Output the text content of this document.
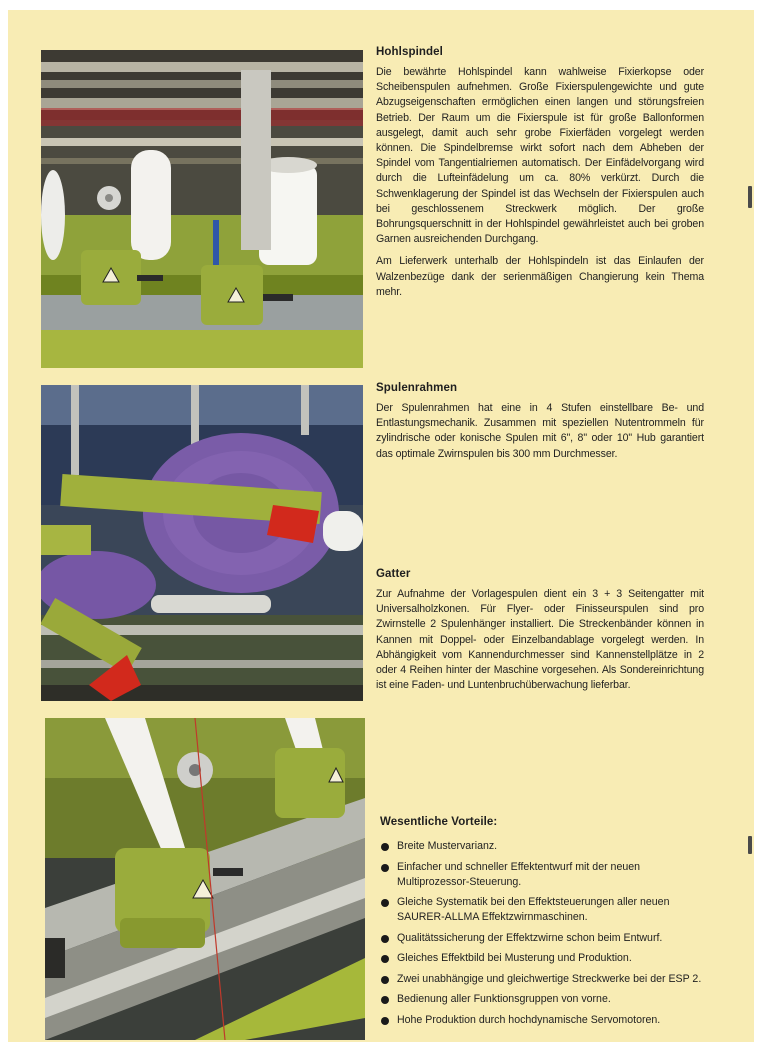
Hohlspindel

Die bewährte Hohlspindel kann wahlweise Fixierkopse oder Scheibenspulen aufnehmen. Große Fixierspulengewichte und gute Abzugseigenschaften ermöglichen einen langen und störungsfreien Betrieb. Der Raum um die Fixierspule ist für große Ballonformen ausgelegt, damit auch sehr grobe Fixierfäden vorgelegt werden können. Die Spindelbremse wirkt sofort nach dem Abheben der Spindel vom Tangentialriemen automatisch. Der Einfädelvorgang wird durch die Lufteinfädelung um ca. 80% verkürzt. Durch die Schwenklagerung der Spindel ist das Wechseln der Fixierspulen auch bei geschlossenem Streckwerk möglich. Der große Bohrungsquerschnitt in der Hohlspindel gewährleistet auch bei groben Garnen ausreichenden Durchgang.

Am Lieferwerk unterhalb der Hohlspindeln ist das Einlaufen der Walzenbezüge dank der serienmäßigen Changierung kein Thema mehr.

Spulenrahmen

Der Spulenrahmen hat eine in 4 Stufen einstellbare Be- und Entlastungsmechanik. Zusammen mit speziellen Nutentrommeln für zylindrische oder konische Spulen mit 6", 8" oder 10" Hub garantiert das optimale Zwirnspulen bis 300 mm Durchmesser.

Gatter

Zur Aufnahme der Vorlagespulen dient ein 3 + 3 Seitengatter mit Universalholzkonen. Für Flyer- oder Finisseurspulen sind pro Zwirnstelle 2 Spulenhänger installiert. Die Streckenbänder können in Kannen mit Doppel- oder Einzelbandablage vorgelegt werden. In Abhängigkeit vom Kannendurchmesser sind Kannenstellplätze in 2 oder 4 Reihen hinter der Maschine vorgesehen. Als Sondereinrichtung ist eine Faden- und Luntenbruchüberwachung lieferbar.

Wesentliche Vorteile:
Breite Mustervarianz.
Einfacher und schneller Effektentwurf mit der neuen Multiprozessor-Steuerung.
Gleiche Systematik bei den Effektsteuerungen aller neuen SAURER-ALLMA Effektzwirnmaschinen.
Qualitätssicherung der Effektzwirne schon beim Entwurf.
Gleiches Effektbild bei Musterung und Produktion.
Zwei unabhängige und gleichwertige Streckwerke bei der ESP 2.
Bedienung aller Funktionsgruppen von vorne.
Hohe Produktion durch hochdynamische Servomotoren.
